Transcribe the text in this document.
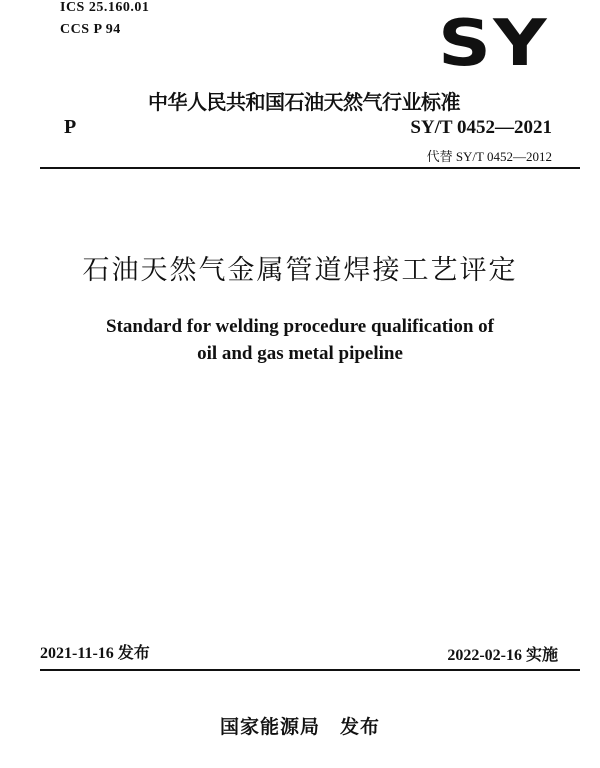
ICS 25.160.01
CCS P 94	SY
中华人民共和国石油天然气行业标准
P	SY/T 0452—2021
代替 SY/T 0452—2012
石油天然气金属管道焊接工艺评定
Standard for welding procedure qualification of
oil and gas metal pipeline
2021-11-16 发布	2022-02-16 实施
国家能源局　发布
